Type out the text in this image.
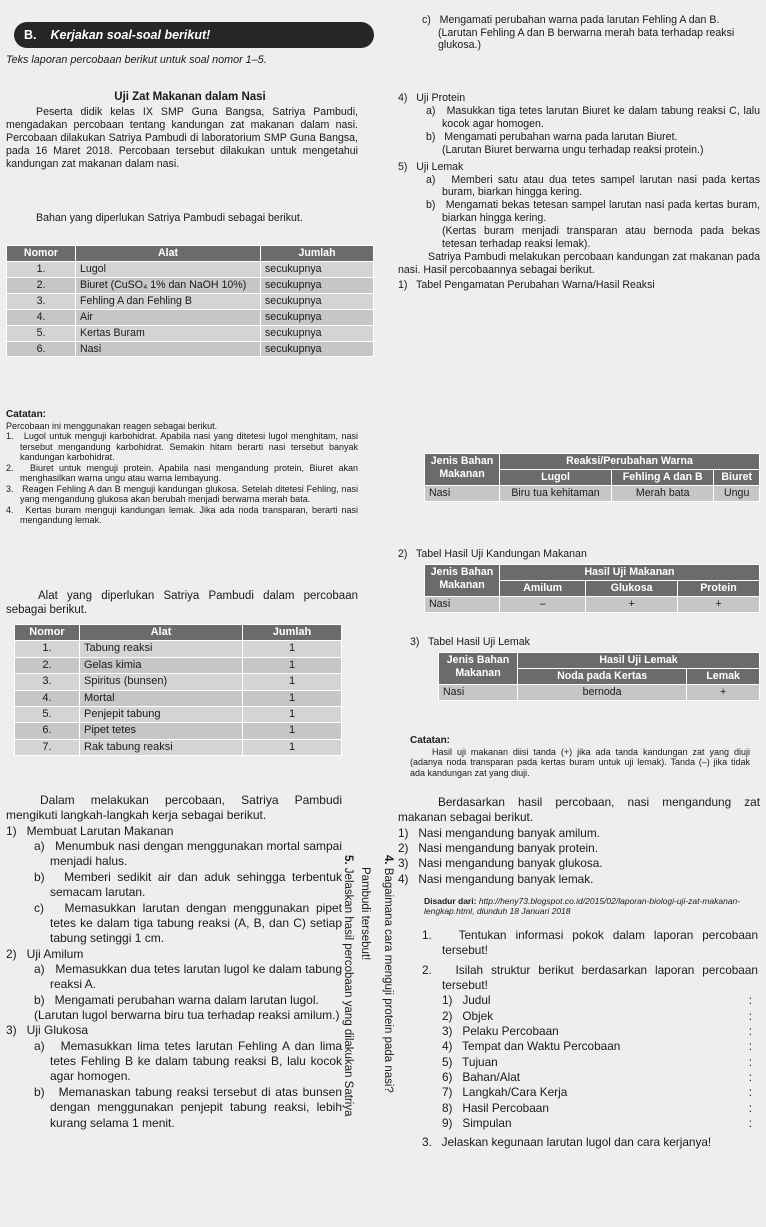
B. Kerjakan soal-soal berikut!

Teks laporan percobaan berikut untuk soal nomor 1–5.

Uji Zat Makanan dalam Nasi

Peserta didik kelas IX SMP Guna Bangsa, Satriya Pambudi, mengadakan percobaan tentang kandungan zat makanan dalam nasi. Percobaan dilakukan Satriya Pambudi di laboratorium SMP Guna Bangsa, pada 16 Maret 2018. Percobaan tersebut dilakukan untuk mengetahui kandungan zat makanan dalam nasi.

Bahan yang diperlukan Satriya Pambudi sebagai berikut.

Nomor	Alat	Jumlah
1.	Lugol	secukupnya
2.	Biuret (CuSO₄ 1% dan NaOH 10%)	secukupnya
3.	Fehling A dan Fehling B	secukupnya
4.	Air	secukupnya
5.	Kertas Buram	secukupnya
6.	Nasi	secukupnya

Catatan:

Percobaan ini menggunakan reagen sebagai berikut.

1.   Lugol untuk menguji karbohidrat. Apabila nasi yang ditetesi lugol menghitam, nasi tersebut mengandung karbohidrat. Semakin hitam berarti nasi tersebut banyak kandungan karbohidrat.

2.   Biuret untuk menguji protein. Apabila nasi mengandung protein, Biuret akan menghasilkan warna ungu atau warna lembayung.

3.   Reagen Fehling A dan B menguji kandungan glukosa. Setelah ditetesi Fehling, nasi yang mengandung glukosa akan berubah menjadi berwarna merah bata.

4.   Kertas buram menguji kandungan lemak. Jika ada noda transparan, berarti nasi mengandung lemak.

Alat yang diperlukan Satriya Pambudi dalam percobaan sebagai berikut.

Nomor	Alat	Jumlah
1.	Tabung reaksi	1
2.	Gelas kimia	1
3.	Spiritus (bunsen)	1
4.	Mortal	1
5.	Penjepit tabung	1
6.	Pipet tetes	1
7.	Rak tabung reaksi	1

Dalam melakukan percobaan, Satriya Pambudi mengikuti langkah-langkah kerja sebagai berikut.

1)   Membuat Larutan Makanan

a)   Menumbuk nasi dengan menggunakan mortal sampai menjadi halus.

b)   Memberi sedikit air dan aduk sehingga terbentuk semacam larutan.

c)   Memasukkan larutan dengan menggunakan pipet tetes ke dalam tiga tabung reaksi (A, B, dan C) setiap tabung setinggi 1 cm.

2)   Uji Amilum

a)   Memasukkan dua tetes larutan lugol ke dalam tabung reaksi A.

b)   Mengamati perubahan warna dalam larutan lugol.

(Larutan lugol berwarna biru tua terhadap reaksi amilum.)

3)   Uji Glukosa

a)   Memasukkan lima tetes larutan Fehling A dan lima tetes Fehling B ke dalam tabung reaksi B, lalu kocok agar homogen.

b)   Memanaskan tabung reaksi tersebut di atas bunsen dengan menggunakan penjepit tabung reaksi, lebih kurang selama 1 menit.

5. Jelaskan hasil percobaan yang dilakukan Satriya Pambudi tersebut!
4. Bagaimana cara menguji protein pada nasi?

c)   Mengamati perubahan warna pada larutan Fehling A dan B.

(Larutan Fehling A dan B berwarna merah bata terhadap reaksi glukosa.)

4)   Uji Protein

a)   Masukkan tiga tetes larutan Biuret ke dalam tabung reaksi C, lalu kocok agar homogen.

b)   Mengamati perubahan warna pada larutan Biuret.

(Larutan Biuret berwarna ungu terhadap reaksi protein.)

5)   Uji Lemak

a)   Memberi satu atau dua tetes sampel larutan nasi pada kertas buram, biarkan hingga kering.

b)   Mengamati bekas tetesan sampel larutan nasi pada kertas buram, biarkan hingga kering.

(Kertas buram menjadi transparan atau bernoda pada bekas tetesan terhadap reaksi lemak).

Satriya Pambudi melakukan percobaan kandungan zat makanan pada nasi. Hasil percobaannya sebagai berikut.

1)   Tabel Pengamatan Perubahan Warna/Hasil Reaksi

Jenis Bahan Makanan	Reaksi/Perubahan Warna		
	Lugol	Fehling A dan B	Biuret
Nasi	Biru tua kehitaman	Merah bata	Ungu

2)   Tabel Hasil Uji Kandungan Makanan

Jenis Bahan Makanan	Hasil Uji Makanan		
	Amilum	Glukosa	Protein
Nasi	–	+	+

3)   Tabel Hasil Uji Lemak

Jenis Bahan Makanan	Hasil Uji Lemak	
	Noda pada Kertas	Lemak
Nasi	bernoda	+

Catatan:

Hasil uji makanan diisi tanda (+) jika ada tanda kandungan zat yang diuji (adanya noda transparan pada kertas buram untuk uji lemak). Tanda (–) jika tidak ada kandungan zat yang diuji.

Berdasarkan hasil percobaan, nasi mengandung zat makanan sebagai berikut.

1)   Nasi mengandung banyak amilum.

2)   Nasi mengandung banyak protein.

3)   Nasi mengandung banyak glukosa.

4)   Nasi mengandung banyak lemak.

Disadur dari: http://heny73.blogspot.co.id/2015/02/laporan-biologi-uji-zat-makanan-lengkap.html, diunduh 18 Januari 2018

1.   Tentukan informasi pokok dalam laporan percobaan tersebut!

2.   Isilah struktur berikut berdasarkan laporan percobaan tersebut!

1)   Judul	:

2)   Objek	:

3)   Pelaku Percobaan	:

4)   Tempat dan Waktu Percobaan	:

5)   Tujuan	:

6)   Bahan/Alat	:

7)   Langkah/Cara Kerja	:

8)   Hasil Percobaan	:

9)   Simpulan	:

3.   Jelaskan kegunaan larutan lugol dan cara kerjanya!
